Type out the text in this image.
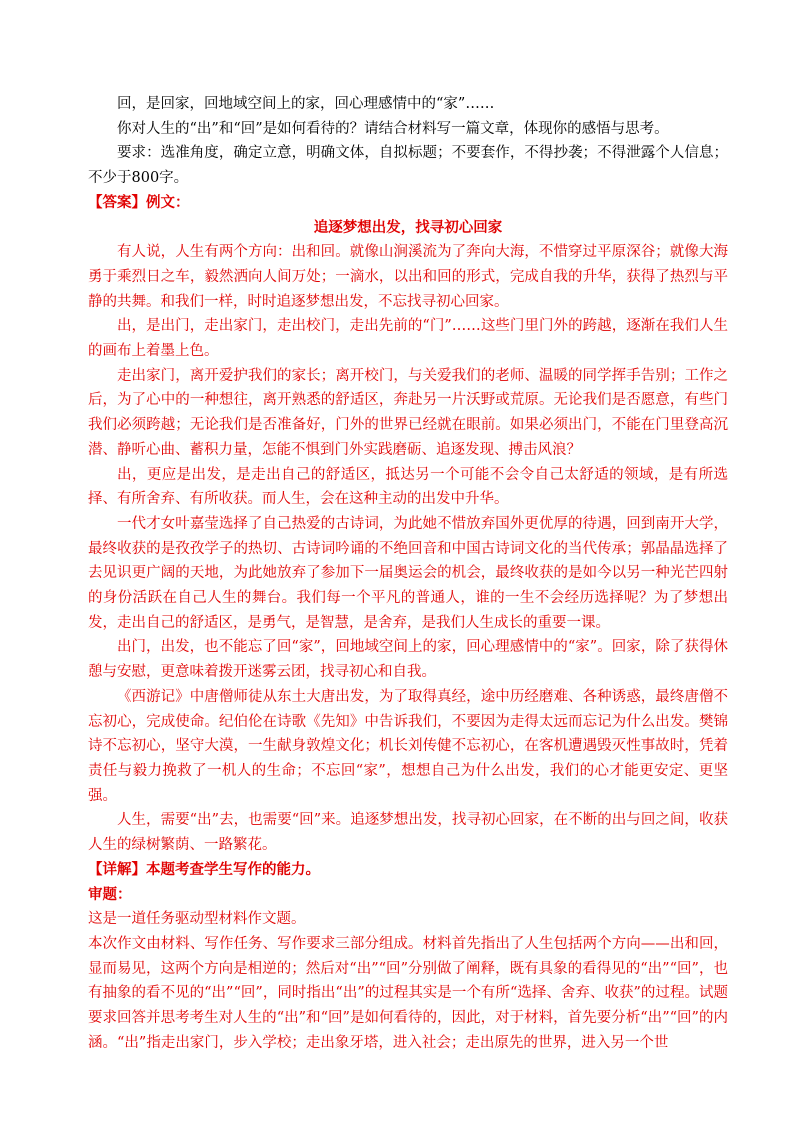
回，是回家，回地域空间上的家，回心理感情中的“家”……

你对人生的“出”和“回”是如何看待的？请结合材料写一篇文章，体现你的感悟与思考。

要求：选准角度，确定立意，明确文体，自拟标题；不要套作，不得抄袭；不得泄露个人信息；不少于800字。

【答案】例文：

追逐梦想出发，找寻初心回家

有人说，人生有两个方向：出和回。就像山涧溪流为了奔向大海，不惜穿过平原深谷；就像大海勇于乘烈日之车，毅然洒向人间万处；一滴水，以出和回的形式，完成自我的升华，获得了热烈与平静的共舞。和我们一样，时时追逐梦想出发，不忘找寻初心回家。

出，是出门，走出家门，走出校门，走出先前的“门”……这些门里门外的跨越，逐渐在我们人生的画布上着墨上色。

走出家门，离开爱护我们的家长；离开校门，与关爱我们的老师、温暖的同学挥手告别；工作之后，为了心中的一种想往，离开熟悉的舒适区，奔赴另一片沃野或荒原。无论我们是否愿意，有些门我们必须跨越；无论我们是否准备好，门外的世界已经就在眼前。如果必须出门，不能在门里登高沉潜、静听心曲、蓄积力量，怎能不惧到门外实践磨砺、追逐发现、搏击风浪？

出，更应是出发，是走出自己的舒适区，抵达另一个可能不会令自己太舒适的领域，是有所选择、有所舍弃、有所收获。而人生，会在这种主动的出发中升华。

一代才女叶嘉莹选择了自己热爱的古诗词，为此她不惜放弃国外更优厚的待遇，回到南开大学，最终收获的是孜孜学子的热切、古诗词吟诵的不绝回音和中国古诗词文化的当代传承；郭晶晶选择了去见识更广阔的天地，为此她放弃了参加下一届奥运会的机会，最终收获的是如今以另一种光芒四射的身份活跃在自己人生的舞台。我们每一个平凡的普通人，谁的一生不会经历选择呢？为了梦想出发，走出自己的舒适区，是勇气，是智慧，是舍弃，是我们人生成长的重要一课。

出门，出发，也不能忘了回“家”，回地域空间上的家，回心理感情中的“家”。回家，除了获得休憩与安慰，更意味着拨开迷雾云团，找寻初心和自我。

《西游记》中唐僧师徒从东土大唐出发，为了取得真经，途中历经磨难、各种诱惑，最终唐僧不忘初心，完成使命。纪伯伦在诗歌《先知》中告诉我们，不要因为走得太远而忘记为什么出发。樊锦诗不忘初心，坚守大漠，一生献身敦煌文化；机长刘传健不忘初心，在客机遭遇毁灭性事故时，凭着责任与毅力挽救了一机人的生命；不忘回“家”，想想自己为什么出发，我们的心才能更安定、更坚强。

人生，需要“出”去，也需要“回”来。追逐梦想出发，找寻初心回家，在不断的出与回之间，收获人生的绿树繁荫、一路繁花。

【详解】本题考查学生写作的能力。

审题：

这是一道任务驱动型材料作文题。

本次作文由材料、写作任务、写作要求三部分组成。材料首先指出了人生包括两个方向——出和回，显而易见，这两个方向是相逆的；然后对“出”“回”分别做了阐释，既有具象的看得见的“出”“回”，也有抽象的看不见的“出”“回”，同时指出“出”的过程其实是一个有所“选择、舍弃、收获”的过程。试题要求回答并思考考生对人生的“出”和“回”是如何看待的，因此，对于材料，首先要分析“出”“回”的内涵。“出”指走出家门，步入学校；走出象牙塔，进入社会；走出原先的世界，进入另一个世
